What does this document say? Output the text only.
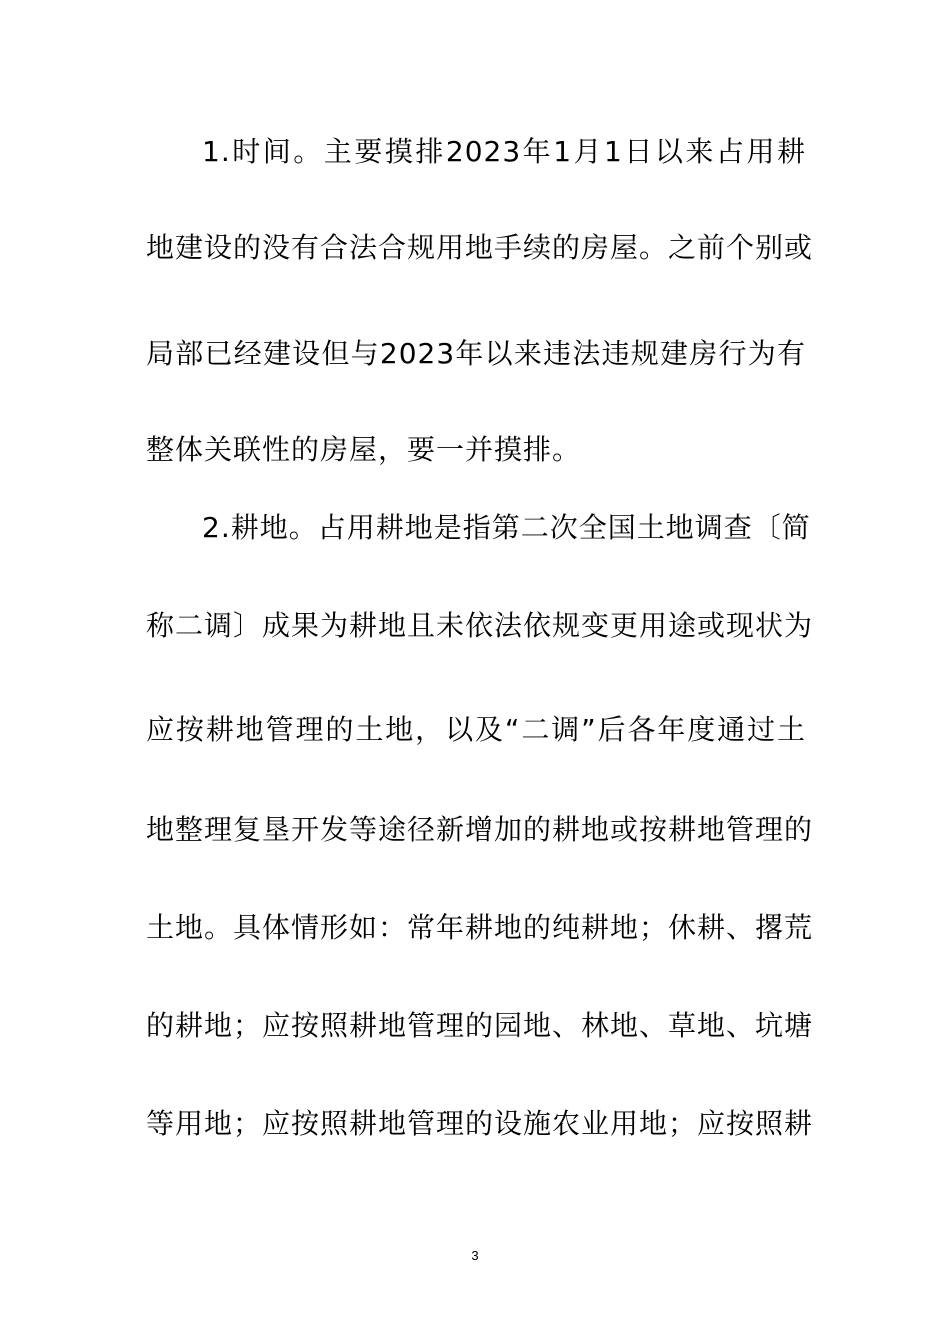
1.时间。主要摸排2023年1月1日以来占用耕
地建设的没有合法合规用地手续的房屋。之前个别或
局部已经建设但与2023年以来违法违规建房行为有
整体关联性的房屋，要一并摸排。
2.耕地。占用耕地是指第二次全国土地调查〔简
称二调〕成果为耕地且未依法依规变更用途或现状为
应按耕地管理的土地，以及“二调”后各年度通过土
地整理复垦开发等途径新增加的耕地或按耕地管理的
土地。具体情形如：常年耕地的纯耕地；休耕、撂荒
的耕地；应按照耕地管理的园地、林地、草地、坑塘
等用地；应按照耕地管理的设施农业用地；应按照耕
3
